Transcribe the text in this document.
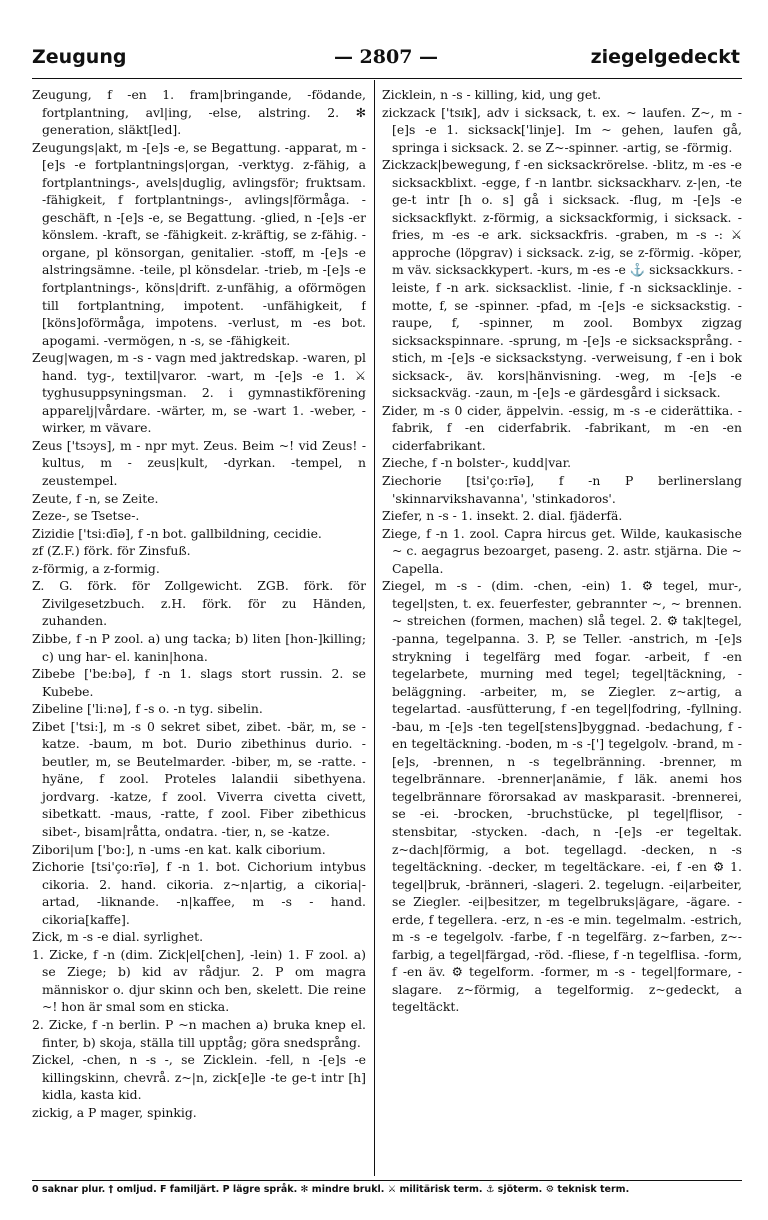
Zeugung	— 2807 —	ziegelgedeckt

Zeugung, f -en 1. fram|bringande, -födande, fortplantning, avl|ing, -else, alstring. 2. ✻ generation, släkt[led].

Zeugungs|akt, m -[e]s -e, se Begattung. -apparat, m -[e]s -e fortplantnings|organ, -verktyg. z-fähig, a fortplantnings-, avels|duglig, avlingsför; fruktsam. -fähigkeit, f fortplantnings-, avlings|förmåga. -geschäft, n -[e]s -e, se Begattung. -glied, n -[e]s -er könslem. -kraft, se -fähigkeit. z-kräftig, se z-fähig. -organe, pl könsorgan, genitalier. -stoff, m -[e]s -e alstringsämne. -teile, pl könsdelar. -trieb, m -[e]s -e fortplantnings-, köns|drift. z-unfähig, a oförmögen till fortplantning, impotent. -unfähigkeit, f [köns]oförmåga, impotens. -verlust, m -es bot. apogami. -vermögen, n -s, se -fähigkeit.

Zeug|wagen, m -s - vagn med jaktredskap. -waren, pl hand. tyg-, textil|varor. -wart, m -[e]s -e 1. ⚔ tyghusuppsyningsman. 2. i gymnastikförening apparelj|vårdare. -wärter, m, se -wart 1. -weber, -wirker, m vävare.

Zeus ['tsɔys], m - npr myt. Zeus. Beim ~! vid Zeus! -kultus, m - zeus|kult, -dyrkan. -tempel, n zeustempel.

Zeute, f -n, se Zeite.

Zeze-, se Tsetse-.

Zizidie ['tsi:dīə], f -n bot. gallbildning, cecidie.

zf (Z.F.) förk. för Zinsfuß.

z-förmig, a z-formig.

Z. G. förk. för Zollgewicht. ZGB. förk. för Zivilgesetzbuch. z.H. förk. för zu Händen, zuhanden.

Zibbe, f -n P zool. a) ung tacka; b) liten [hon-]killing; c) ung har- el. kanin|hona.

Zibebe ['be:bə], f -n 1. slags stort russin. 2. se Kubebe.

Zibeline ['li:nə], f -s o. -n tyg. sibelin.

Zibet ['tsi:], m -s 0 sekret sibet, zibet. -bär, m, se -katze. -baum, m bot. Durio zibethinus durio. -beutler, m, se Beutelmarder. -biber, m, se -ratte. -hyäne, f zool. Proteles lalandii sibethyena. jordvarg. -katze, f zool. Viverra civetta civett, sibetkatt. -maus, -ratte, f zool. Fiber zibethicus sibet-, bisam|råtta, ondatra. -tier, n, se -katze.

Zibori|um ['bo:], n -ums -en kat. kalk ciborium.

Zichorie [tsi'ço:rīə], f -n 1. bot. Cichorium intybus cikoria. 2. hand. cikoria. z~n|artig, a cikoria|-artad, -liknande. -n|kaffee, m -s - hand. cikoria[kaffe].

Zick, m -s -e dial. syrlighet.

1. Zicke, f -n (dim. Zick|el[chen], -lein) 1. F zool. a) se Ziege; b) kid av rådjur. 2. P om magra människor o. djur skinn och ben, skelett. Die reine ~! hon är smal som en sticka.

2. Zicke, f -n berlin. P ~n machen a) bruka knep el. finter, b) skoja, ställa till upptåg; göra snedsprång.

Zickel, -chen, n -s -, se Zicklein. -fell, n -[e]s -e killingskinn, chevrå. z~|n, zick[e]le -te ge-t intr [h] kidla, kasta kid.

zickig, a P mager, spinkig.

Zicklein, n -s - killing, kid, ung get.

zickzack ['tsɪk], adv i sicksack, t. ex. ~ laufen. Z~, m -[e]s -e 1. sicksack['linje]. Im ~ gehen, laufen gå, springa i sicksack. 2. se Z~-spinner. -artig, se -förmig.

Zickzack|bewegung, f -en sicksackrörelse. -blitz, m -es -e sicksackblixt. -egge, f -n lantbr. sicksackharv. z-|en, -te ge-t intr [h o. s] gå i sicksack. -flug, m -[e]s -e sicksackflykt. z-förmig, a sicksackformig, i sicksack. -fries, m -es -e ark. sicksackfris. -graben, m -s -: ⚔ approche (löpgrav) i sicksack. z-ig, se z-förmig. -köper, m väv. sicksackkypert. -kurs, m -es -e ⚓ sicksackkurs. -leiste, f -n ark. sicksacklist. -linie, f -n sicksacklinje. -motte, f, se -spinner. -pfad, m -[e]s -e sicksackstig. -raupe, f, -spinner, m zool. Bombyx zigzag sicksackspinnare. -sprung, m -[e]s -e sicksacksprång. -stich, m -[e]s -e sicksackstyng. -verweisung, f -en i bok sicksack-, äv. kors|hänvisning. -weg, m -[e]s -e sicksackväg. -zaun, m -[e]s -e gärdesgård i sicksack.

Zider, m -s 0 cider, äppelvin. -essig, m -s -e ciderättika. -fabrik, f -en ciderfabrik. -fabrikant, m -en -en ciderfabrikant.

Zieche, f -n bolster-, kudd|var.

Ziechorie [tsi'ço:rīə], f -n P berlinerslang 'skinnarvikshavanna', 'stinkadoros'.

Ziefer, n -s - 1. insekt. 2. dial. fjäderfä.

Ziege, f -n 1. zool. Capra hircus get. Wilde, kaukasische ~ c. aegagrus bezoarget, paseng. 2. astr. stjärna. Die ~ Capella.

Ziegel, m -s - (dim. -chen, -ein) 1. ⚙ tegel, mur-, tegel|sten, t. ex. feuerfester, gebrannter ~, ~ brennen. ~ streichen (formen, machen) slå tegel. 2. ⚙ tak|tegel, -panna, tegelpanna. 3. P, se Teller. -anstrich, m -[e]s strykning i tegelfärg med fogar. -arbeit, f -en tegelarbete, murning med tegel; tegel|täckning, -beläggning. -arbeiter, m, se Ziegler. z~artig, a tegelartad. -ausfütterung, f -en tegel|fodring, -fyllning. -bau, m -[e]s -ten tegel[stens]byggnad. -bedachung, f -en tegeltäckning. -boden, m -s -['] tegelgolv. -brand, m -[e]s, -brennen, n -s tegelbränning. -brenner, m tegelbrännare. -brenner|anämie, f läk. anemi hos tegelbrännare förorsakad av maskparasit. -brennerei, se -ei. -brocken, -bruchstücke, pl tegel|flisor, -stensbitar, -stycken. -dach, n -[e]s -er tegeltak. z~dach|förmig, a bot. tegellagd. -decken, n -s tegeltäckning. -decker, m tegeltäckare. -ei, f -en ⚙ 1. tegel|bruk, -bränneri, -slageri. 2. tegelugn. -ei|arbeiter, se Ziegler. -ei|besitzer, m tegelbruks|ägare, -ägare. -erde, f tegellera. -erz, n -es -e min. tegelmalm. -estrich, m -s -e tegelgolv. -farbe, f -n tegelfärg. z~farben, z~-farbig, a tegel|färgad, -röd. -fliese, f -n tegelflisa. -form, f -en äv. ⚙ tegelform. -former, m -s - tegel|formare, -slagare. z~förmig, a tegelformig. z~gedeckt, a tegeltäckt.

0 saknar plur. † omljud. F familjärt. P lägre språk. ✻ mindre brukl. ⚔ militärisk term. ⚓ sjöterm. ⚙ teknisk term.
